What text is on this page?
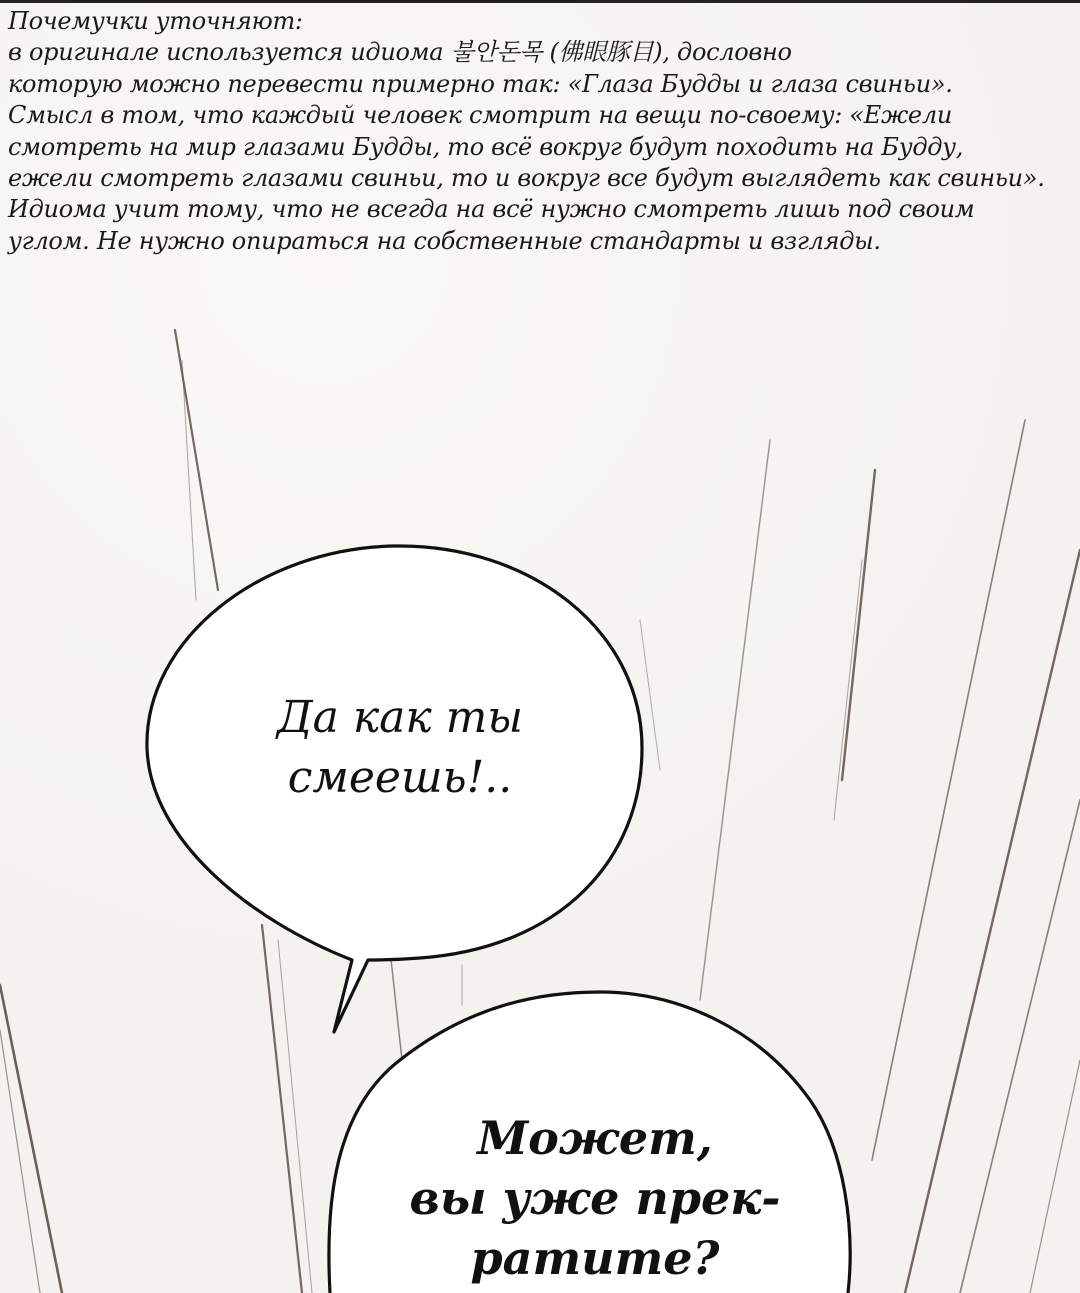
Почемучки уточняют:
в оригинале используется идиома 불안돈목 (佛眼豚目), дословно
которую можно перевести примерно так: «Глаза Будды и глаза свиньи».
Смысл в том, что каждый человек смотрит на вещи по-своему: «Ежели
смотреть на мир глазами Будды, то всё вокруг будут походить на Будду,
ежели смотреть глазами свиньи, то и вокруг все будут выглядеть как свиньи».
Идиома учит тому, что не всегда на всё нужно смотреть лишь под своим
углом. Не нужно опираться на собственные стандарты и взгляды.
Да как ты
смеешь!..
Может,
вы уже прек-
ратите?
